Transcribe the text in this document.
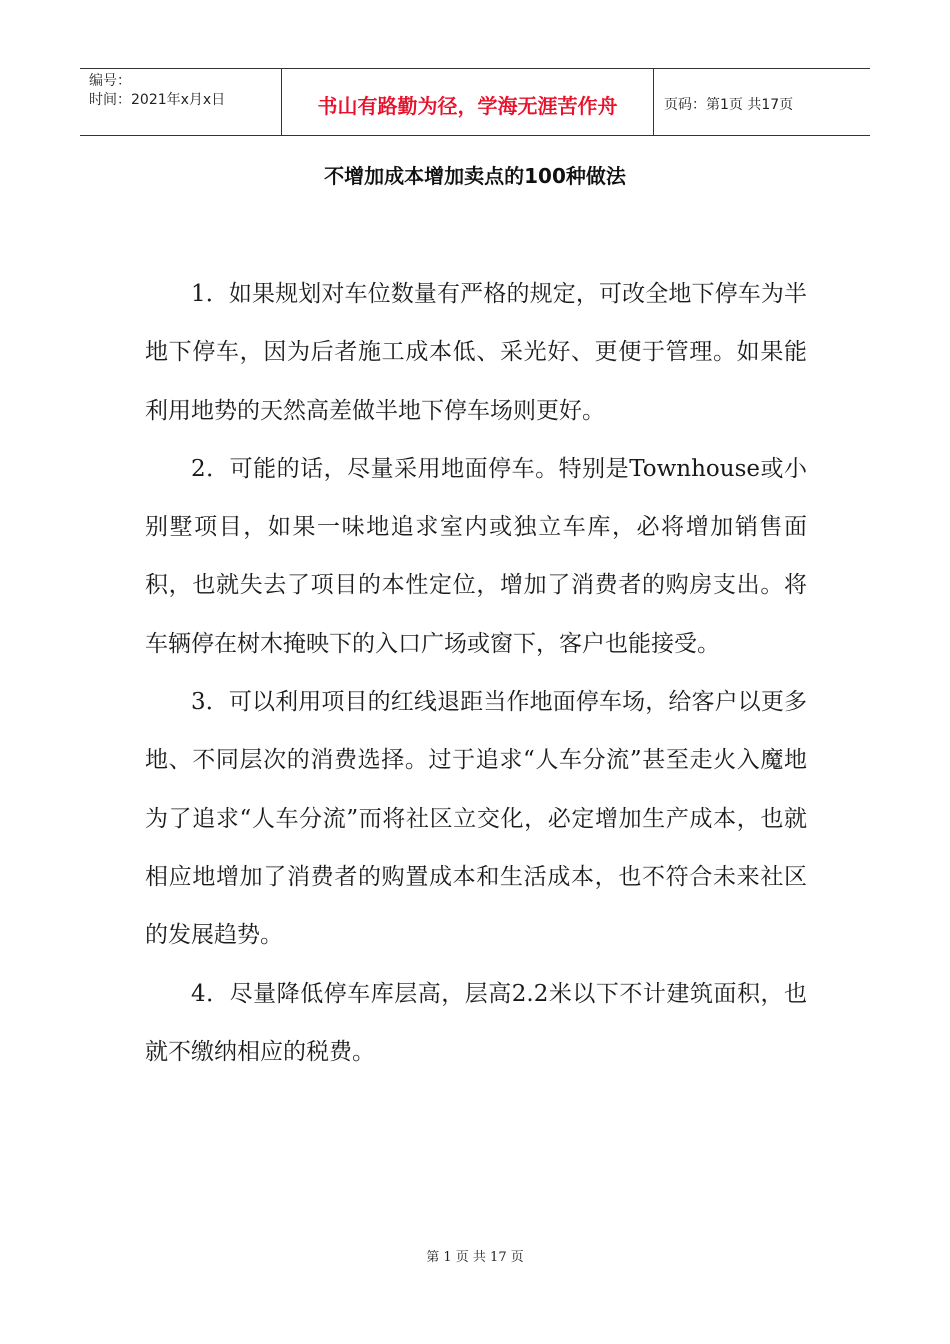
编号：
时间：2021年x月x日	书山有路勤为径，学海无涯苦作舟	页码：第1页 共17页
不增加成本增加卖点的100种做法

1．如果规划对车位数量有严格的规定，可改全地下停车为半地下停车，因为后者施工成本低、采光好、更便于管理。如果能利用地势的天然高差做半地下停车场则更好。

2．可能的话，尽量采用地面停车。特别是Townhouse或小别墅项目，如果一味地追求室内或独立车库，必将增加销售面积，也就失去了项目的本性定位，增加了消费者的购房支出。将车辆停在树木掩映下的入口广场或窗下，客户也能接受。

3．可以利用项目的红线退距当作地面停车场，给客户以更多地、不同层次的消费选择。过于追求“人车分流”甚至走火入魔地为了追求“人车分流”而将社区立交化，必定增加生产成本，也就相应地增加了消费者的购置成本和生活成本，也不符合未来社区的发展趋势。

4．尽量降低停车库层高，层高2.2米以下不计建筑面积，也就不缴纳相应的税费。

第 1 页 共 17 页
